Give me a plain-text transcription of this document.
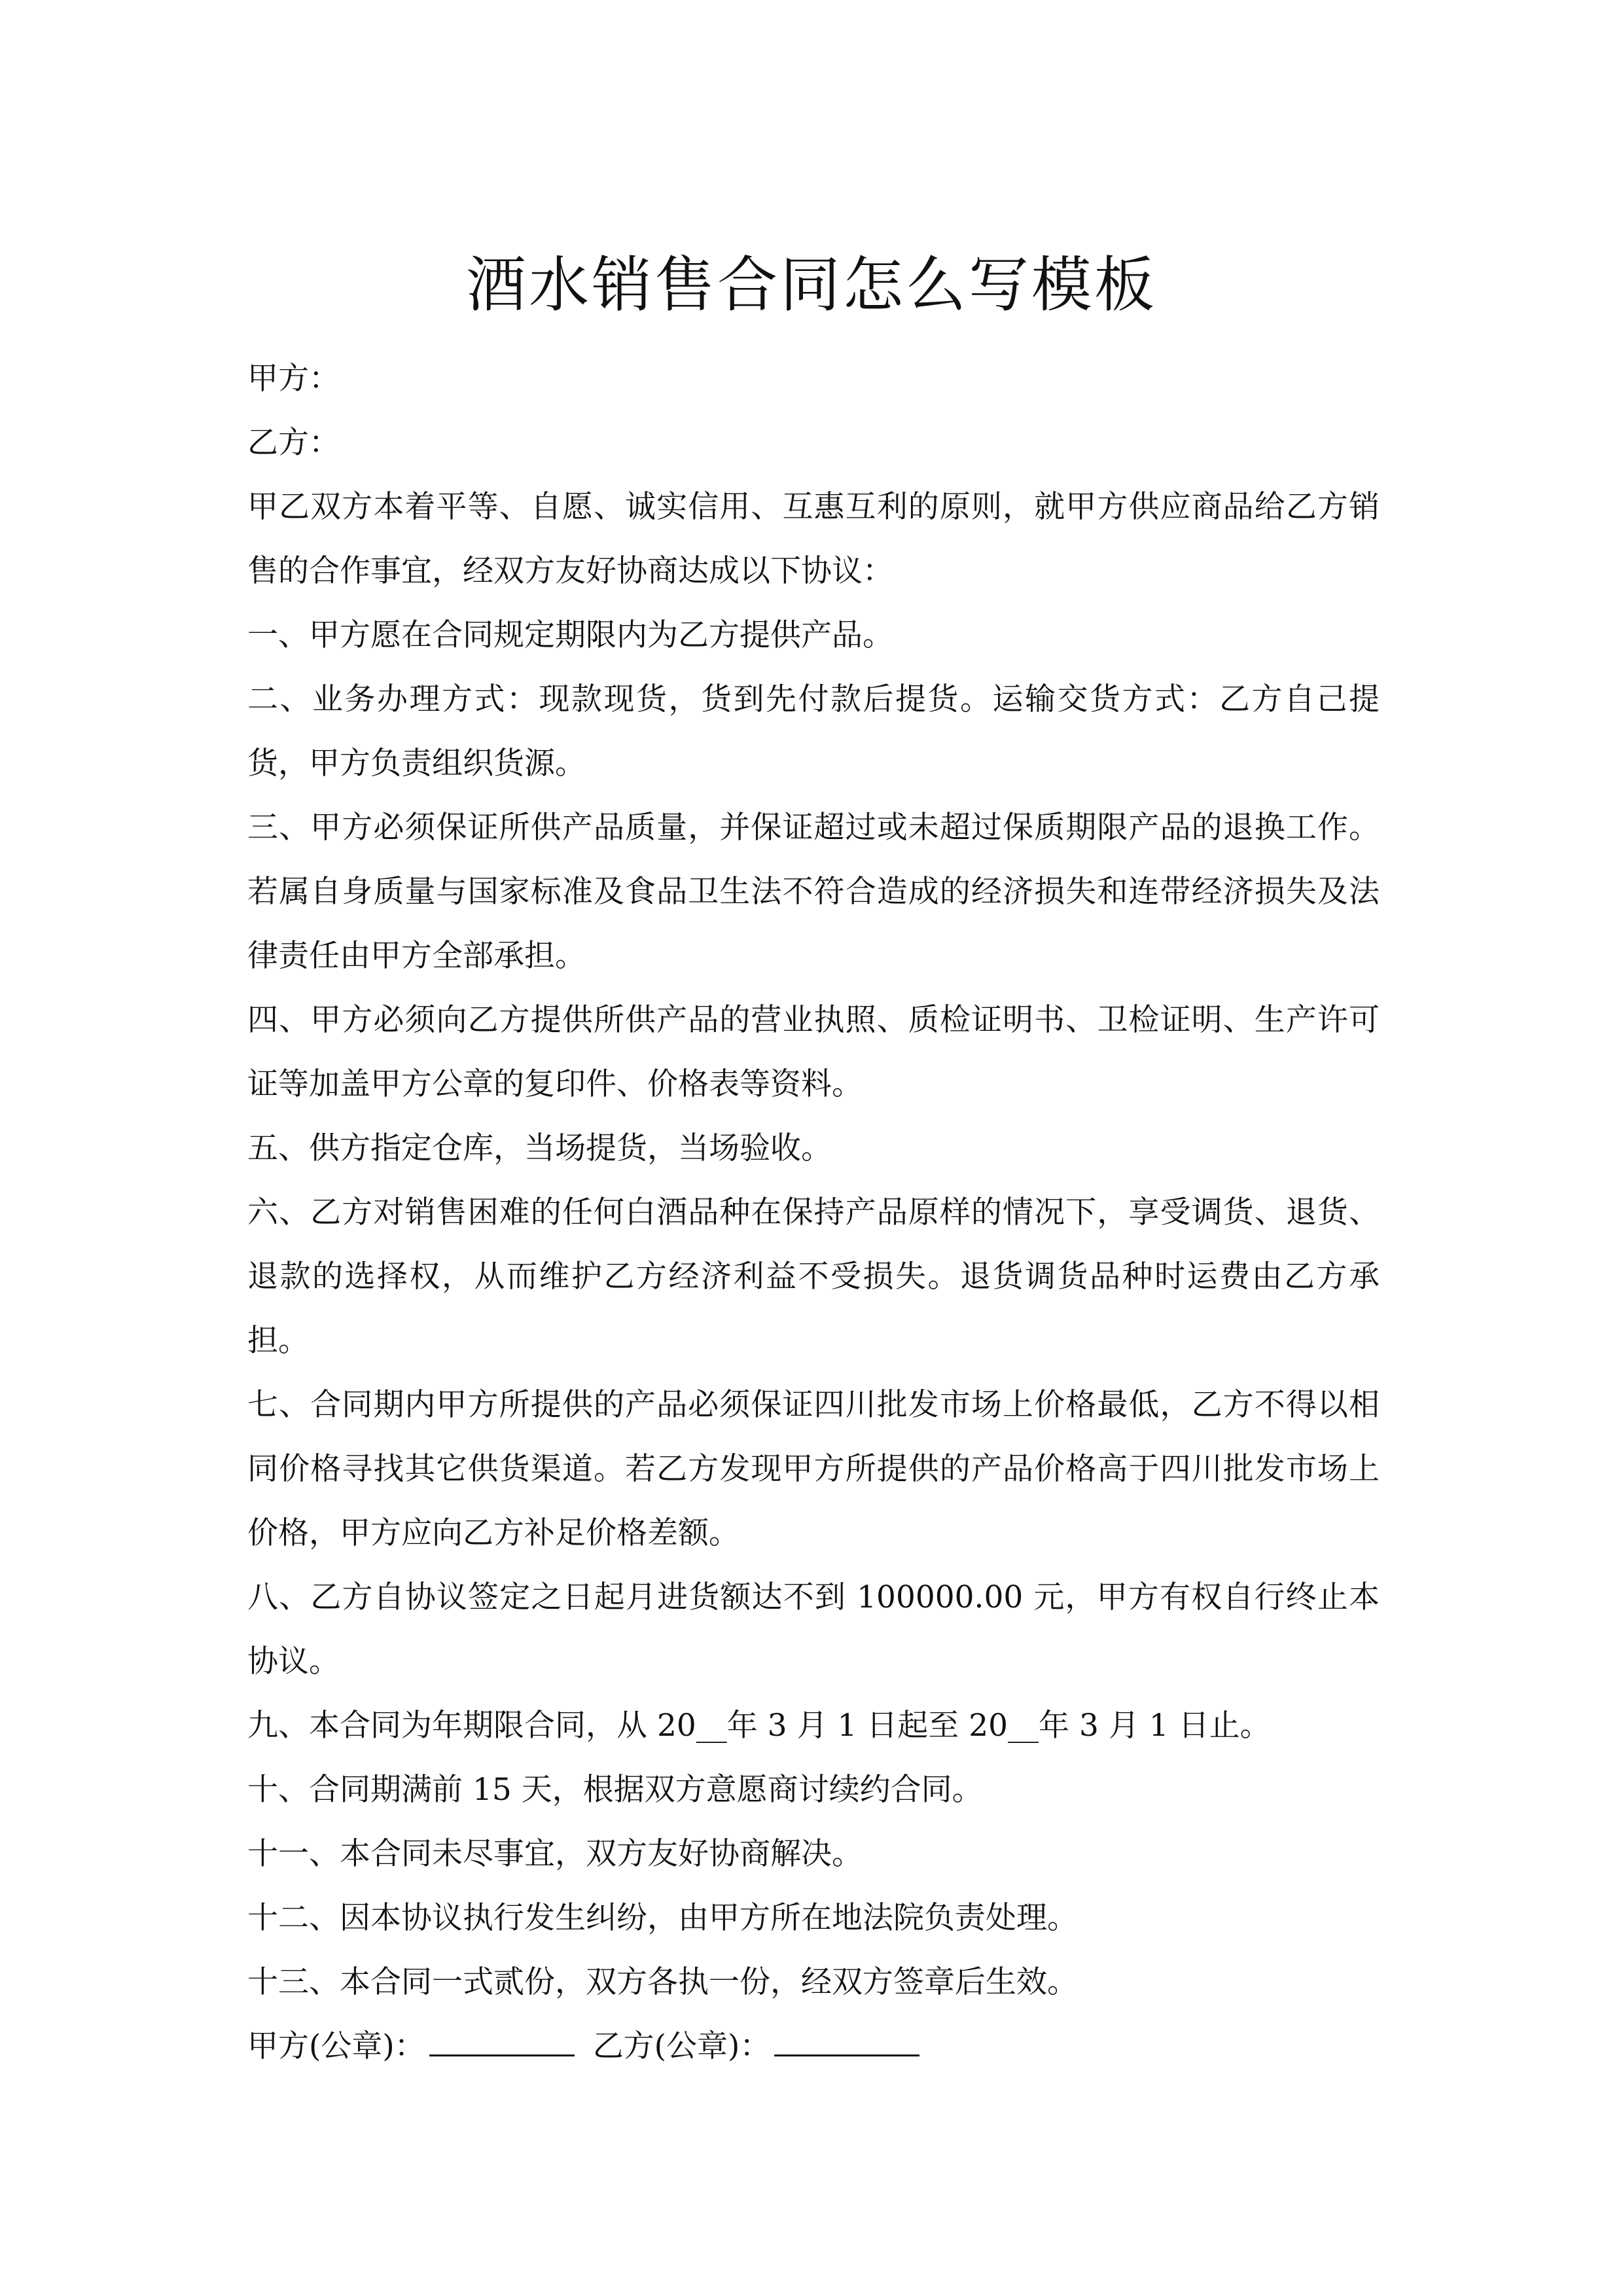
酒水销售合同怎么写模板

甲方：

乙方：

甲乙双方本着平等、自愿、诚实信用、互惠互利的原则，就甲方供应商品给乙方销售的合作事宜，经双方友好协商达成以下协议：

一、甲方愿在合同规定期限内为乙方提供产品。

二、业务办理方式：现款现货，货到先付款后提货。运输交货方式：乙方自己提货，甲方负责组织货源。

三、甲方必须保证所供产品质量，并保证超过或未超过保质期限产品的退换工作。若属自身质量与国家标准及食品卫生法不符合造成的经济损失和连带经济损失及法律责任由甲方全部承担。

四、甲方必须向乙方提供所供产品的营业执照、质检证明书、卫检证明、生产许可证等加盖甲方公章的复印件、价格表等资料。

五、供方指定仓库，当场提货，当场验收。

六、乙方对销售困难的任何白酒品种在保持产品原样的情况下，享受调货、退货、退款的选择权，从而维护乙方经济利益不受损失。退货调货品种时运费由乙方承担。

七、合同期内甲方所提供的产品必须保证四川批发市场上价格最低，乙方不得以相同价格寻找其它供货渠道。若乙方发现甲方所提供的产品价格高于四川批发市场上价格，甲方应向乙方补足价格差额。

八、乙方自协议签定之日起月进货额达不到 100000.00 元，甲方有权自行终止本协议。

九、本合同为年期限合同，从 20__年 3 月 1 日起至 20__年 3 月 1 日止。

十、合同期满前 15 天，根据双方意愿商讨续约合同。

十一、本合同未尽事宜，双方友好协商解决。

十二、因本协议执行发生纠纷，由甲方所在地法院负责处理。

十三、本合同一式贰份，双方各执一份，经双方签章后生效。

甲方(公章)：	乙方(公章)：
